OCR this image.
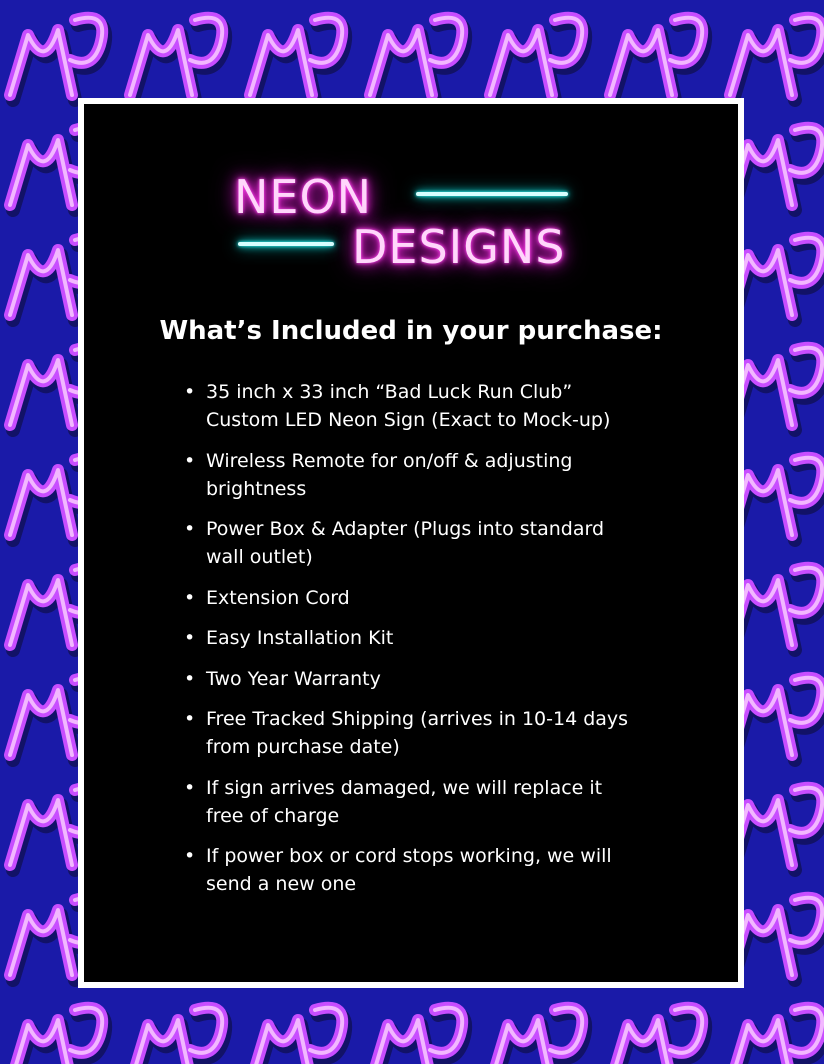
NEON
DESIGNS
What’s Included in your purchase:
• 35 inch x 33 inch “Bad Luck Run Club”
Custom LED Neon Sign (Exact to Mock-up)
• Wireless Remote for on/off & adjusting
brightness
• Power Box & Adapter (Plugs into standard
wall outlet)
• Extension Cord
• Easy Installation Kit
• Two Year Warranty
• Free Tracked Shipping (arrives in 10-14 days
from purchase date)
• If sign arrives damaged, we will replace it
free of charge
• If power box or cord stops working, we will
send a new one
